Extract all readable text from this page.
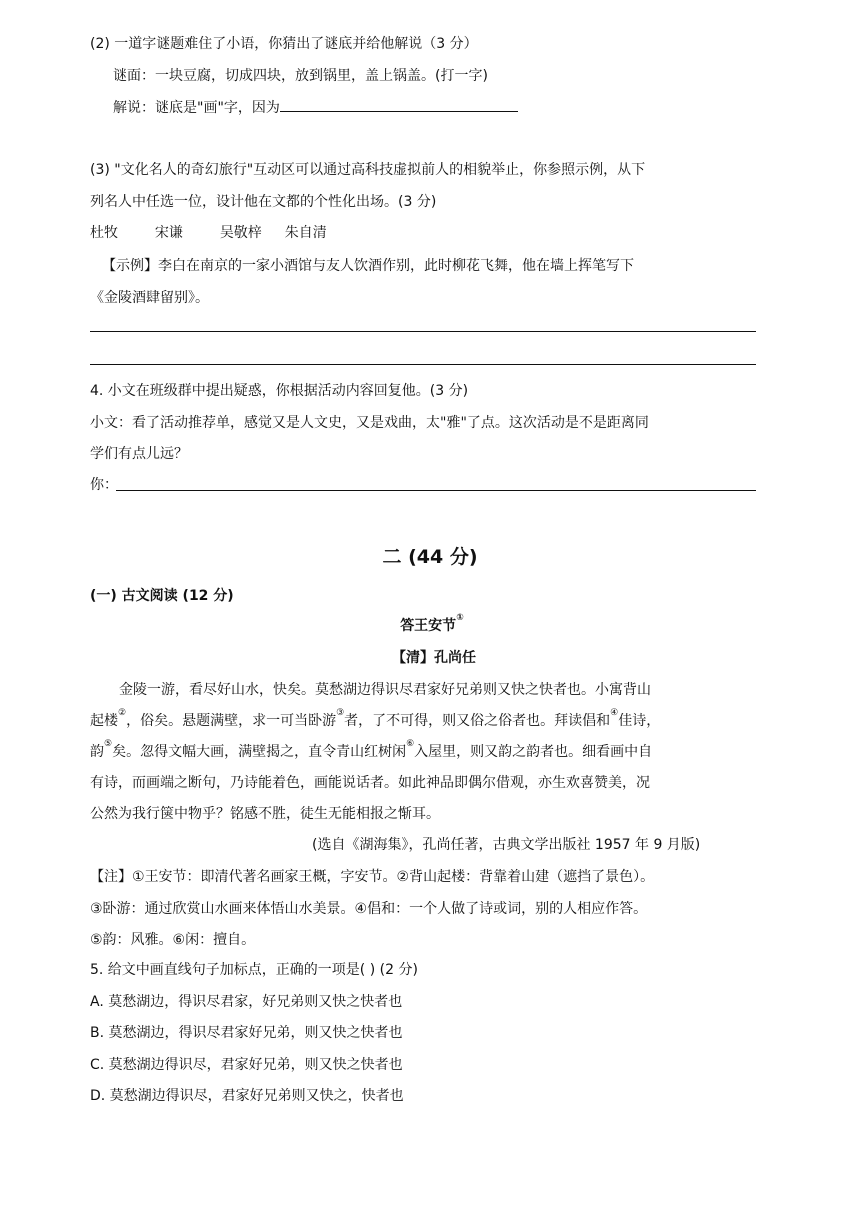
(2) 一道字谜题难住了小语，你猜出了谜底并给他解说（3 分）
谜面：一块豆腐，切成四块，放到锅里，盖上锅盖。(打一字)
解说：谜底是"画"字，因为
(3) "文化名人的奇幻旅行"互动区可以通过高科技虚拟前人的相貌举止，你参照示例，从下
列名人中任选一位，设计他在文都的个性化出场。(3 分)
杜牧	宋谦	吴敬梓 朱自清
【示例】李白在南京的一家小酒馆与友人饮酒作别，此时柳花飞舞，他在墙上挥笔写下
《金陵酒肆留别》。
4. 小文在班级群中提出疑惑，你根据活动内容回复他。(3 分)
小文：看了活动推荐单，感觉又是人文史，又是戏曲，太"雅"了点。这次活动是不是距离同
学们有点儿远？
你：
二 (44 分)
(一) 古文阅读 (12 分)
答王安节①
【清】孔尚任
金陵一游，看尽好山水，快矣。莫愁湖边得识尽君家好兄弟则又快之快者也。小寓背山
起楼②，俗矣。悬题满壁，求一可当卧游③者，了不可得，则又俗之俗者也。拜读倡和④佳诗，
韵⑤矣。忽得文幅大画，满壁揭之，直令青山红树闲⑥入屋里，则又韵之韵者也。细看画中自
有诗，而画端之断句，乃诗能着色，画能说话者。如此神品即偶尔借观，亦生欢喜赞美，况
公然为我行箧中物乎？铭感不胜，徒生无能相报之惭耳。
(选自《湖海集》，孔尚任著，古典文学出版社 1957 年 9 月版)
【注】①王安节：即清代著名画家王概，字安节。②背山起楼：背靠着山建（遮挡了景色）。
③卧游：通过欣赏山水画来体悟山水美景。④倡和：一个人做了诗或词，别的人相应作答。
⑤韵：风雅。⑥闲：擅自。
5. 给文中画直线句子加标点，正确的一项是( ) (2 分)
A. 莫愁湖边，得识尽君家，好兄弟则又快之快者也
B. 莫愁湖边，得识尽君家好兄弟，则又快之快者也
C. 莫愁湖边得识尽，君家好兄弟，则又快之快者也
D. 莫愁湖边得识尽，君家好兄弟则又快之，快者也
